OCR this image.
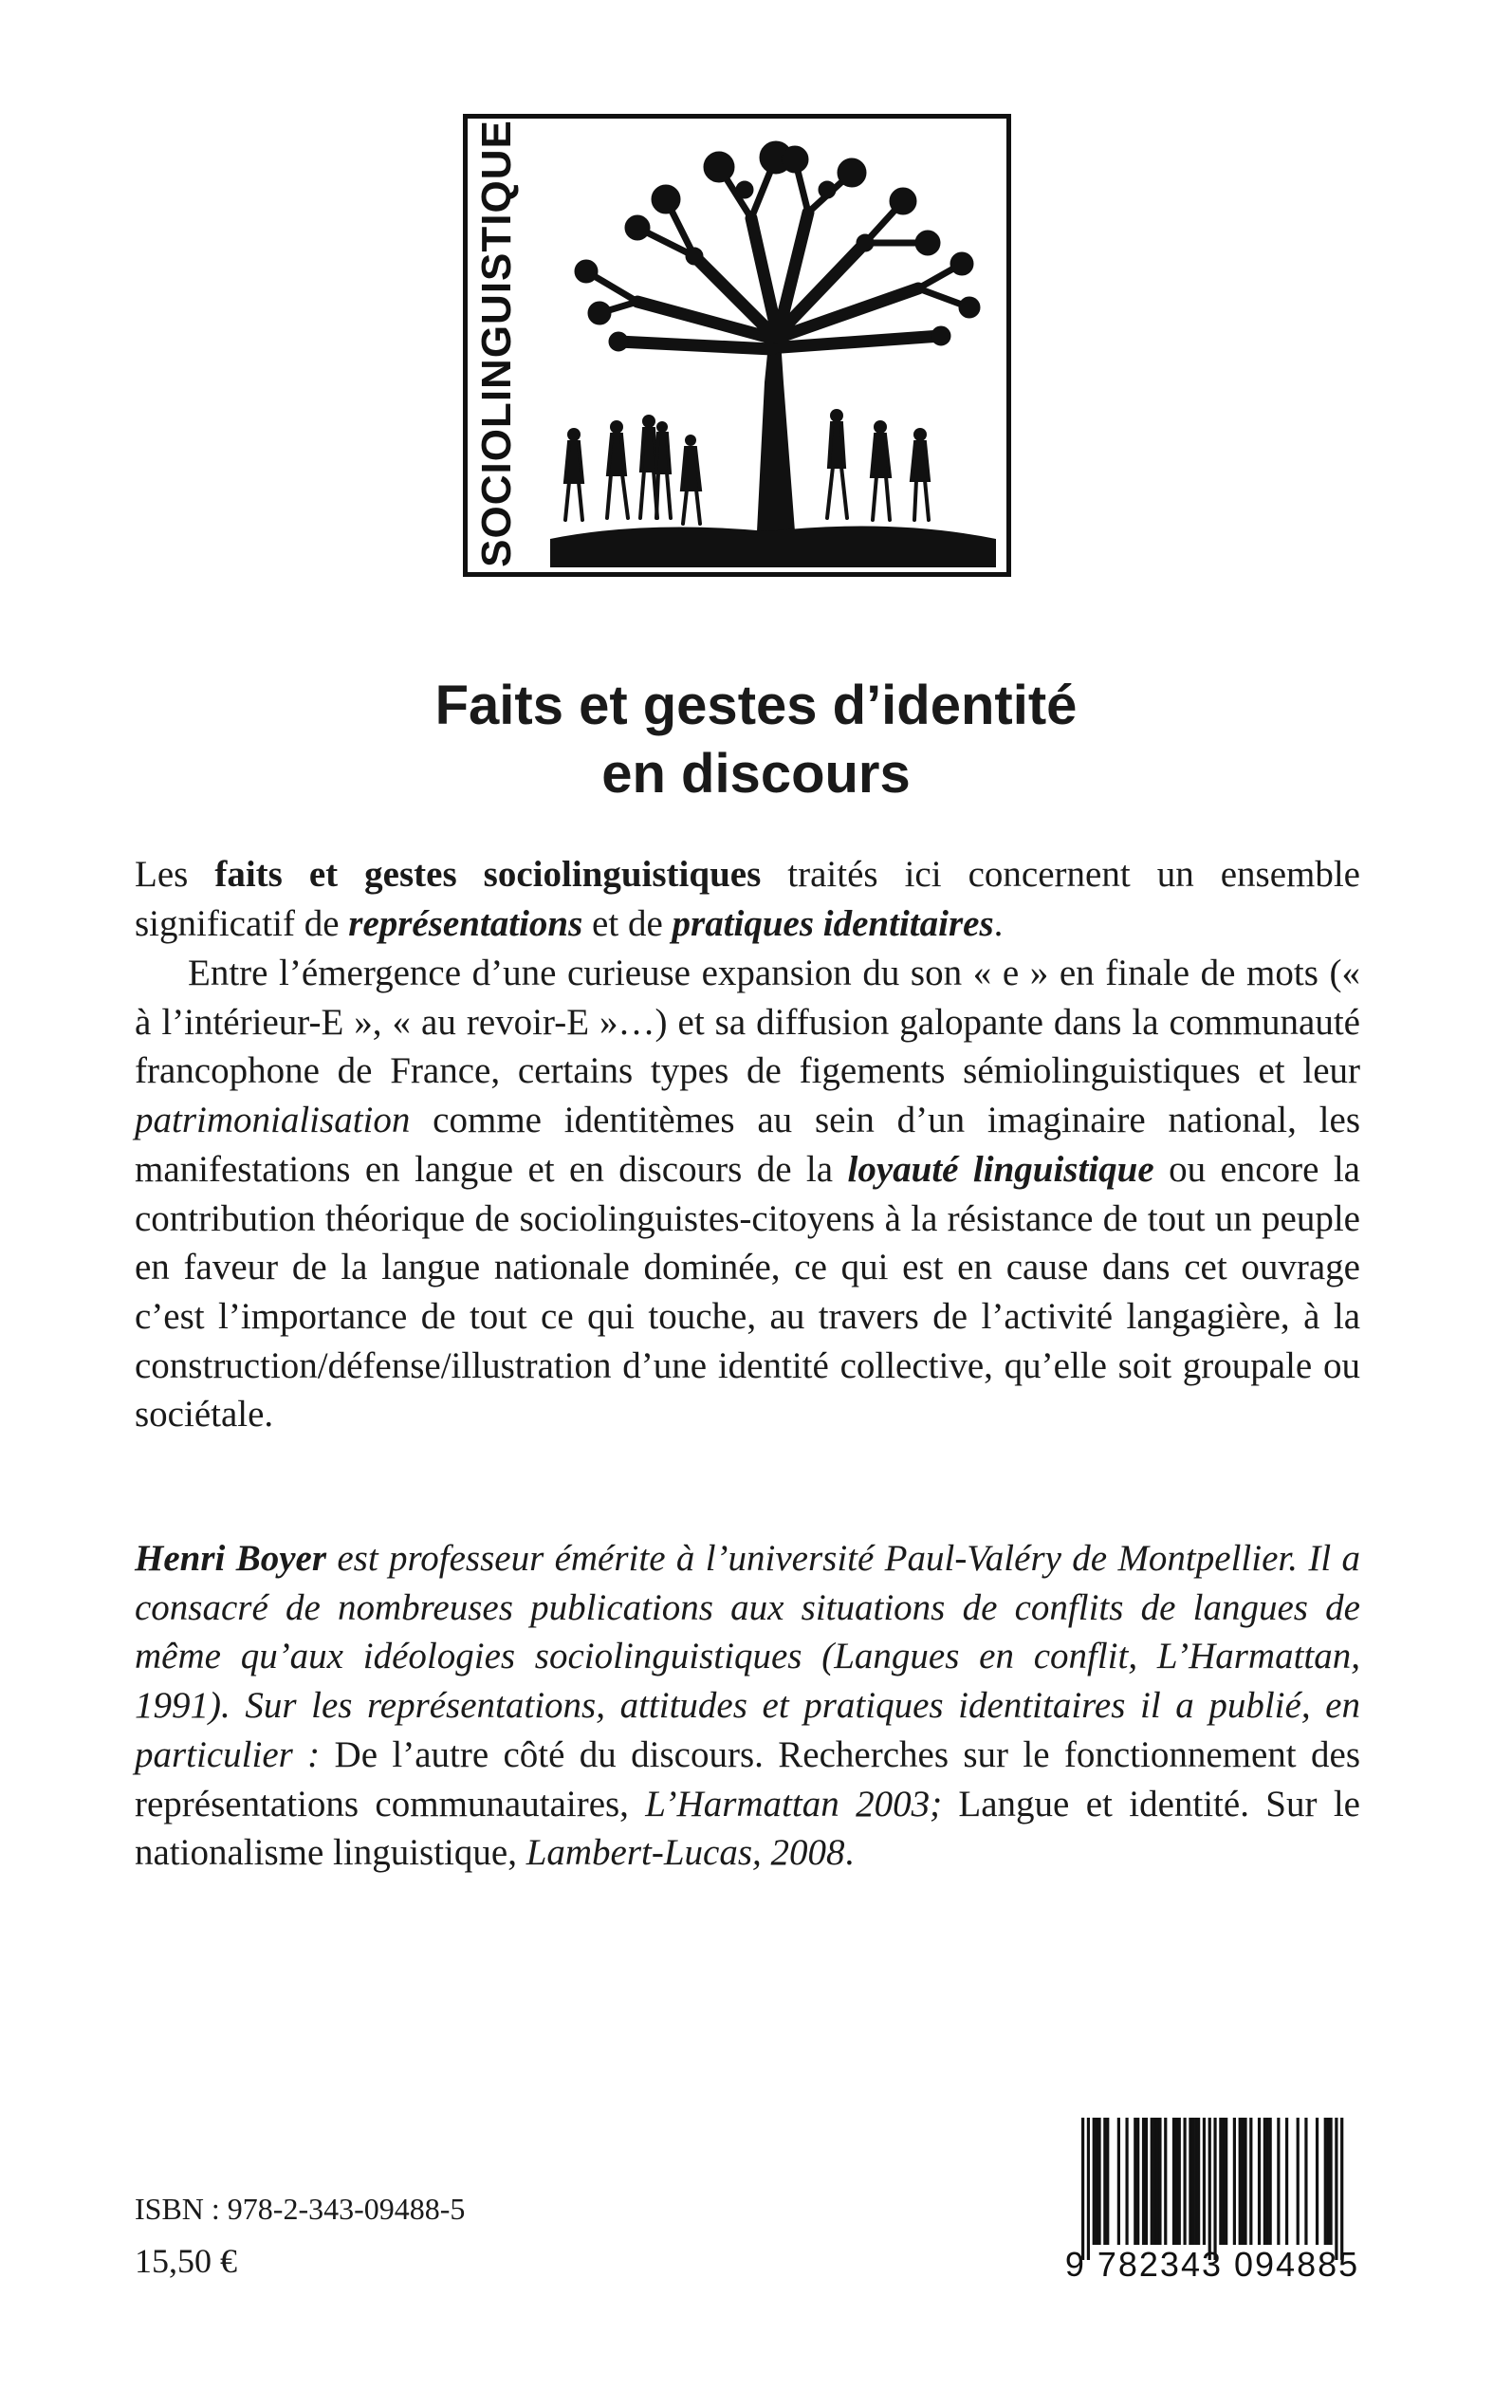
SOCIOLINGUISTIQUE
Faits et gestes d’identité
en discours

Les faits et gestes sociolinguistiques traités ici concernent un ensemble significatif de représentations et de pratiques identitaires.

Entre l’émergence d’une curieuse expansion du son « e » en finale de mots (« à l’intérieur-E », « au revoir-E »…) et sa diffusion galopante dans la communauté francophone de France, certains types de figements sémiolinguistiques et leur patrimonialisation comme identitèmes au sein d’un imaginaire national, les manifestations en langue et en discours de la loyauté linguistique ou encore la contribution théorique de sociolinguistes-citoyens à la résistance de tout un peuple en faveur de la langue nationale dominée, ce qui est en cause dans cet ouvrage c’est l’importance de tout ce qui touche, au travers de l’activité langagière, à la construction/défense/illustration d’une identité collective, qu’elle soit groupale ou sociétale.

Henri Boyer est professeur émérite à l’université Paul-Valéry de Montpellier. Il a consacré de nombreuses publications aux situations de conflits de langues de même qu’aux idéologies sociolinguistiques (Langues en conflit, L’Harmattan, 1991). Sur les représentations, attitudes et pratiques identitaires il a publié, en particulier : De l’autre côté du discours. Recherches sur le fonctionnement des représentations communautaires, L’Harmattan 2003; Langue et identité. Sur le nationalisme linguistique, Lambert-Lucas, 2008.

ISBN : 978-2-343-09488-5
15,50 €	9 782343 094885
